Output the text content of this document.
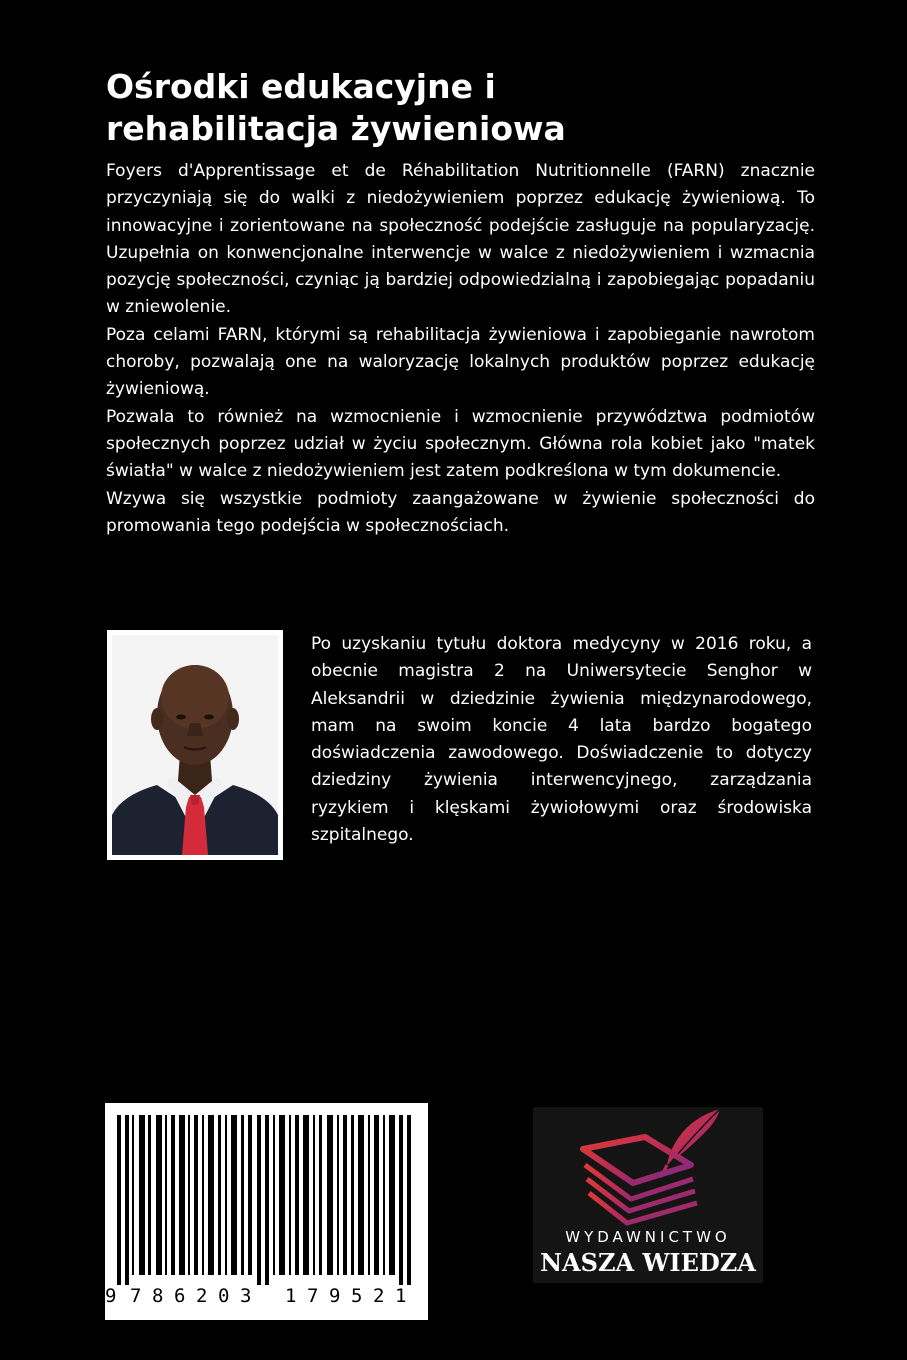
Ośrodki edukacyjne i
rehabilitacja żywieniowa

Foyers d'Apprentissage et de Réhabilitation Nutritionnelle (FARN) znacznie przyczyniają się do walki z niedożywieniem poprzez edukację żywieniową. To innowacyjne i zorientowane na społeczność podejście zasługuje na popularyzację. Uzupełnia on konwencjonalne interwencje w walce z niedożywieniem i wzmacnia pozycję społeczności, czyniąc ją bardziej odpowiedzialną i zapobiegając popadaniu w zniewolenie.

Poza celami FARN, którymi są rehabilitacja żywieniowa i zapobieganie nawrotom choroby, pozwalają one na waloryzację lokalnych produktów poprzez edukację żywieniową.

Pozwala to również na wzmocnienie i wzmocnienie przywództwa podmiotów społecznych poprzez udział w życiu społecznym. Główna rola kobiet jako "matek światła" w walce z niedożywieniem jest zatem podkreślona w tym dokumencie.

Wzywa się wszystkie podmioty zaangażowane w żywienie społeczności do promowania tego podejścia w społecznościach.

Po uzyskaniu tytułu doktora medycyny w 2016 roku, a obecnie magistra 2 na Uniwersytecie Senghor w Aleksandrii w dziedzinie żywienia międzynarodowego, mam na swoim koncie 4 lata bardzo bogatego doświadczenia zawodowego. Doświadczenie to dotyczy dziedziny żywienia interwencyjnego, zarządzania ryzykiem i klęskami żywiołowymi oraz środowiska szpitalnego.

9 7 8 6 2 0 3 1 7 9 5 2 1
WYDAWNICTWO
NASZA WIEDZA
